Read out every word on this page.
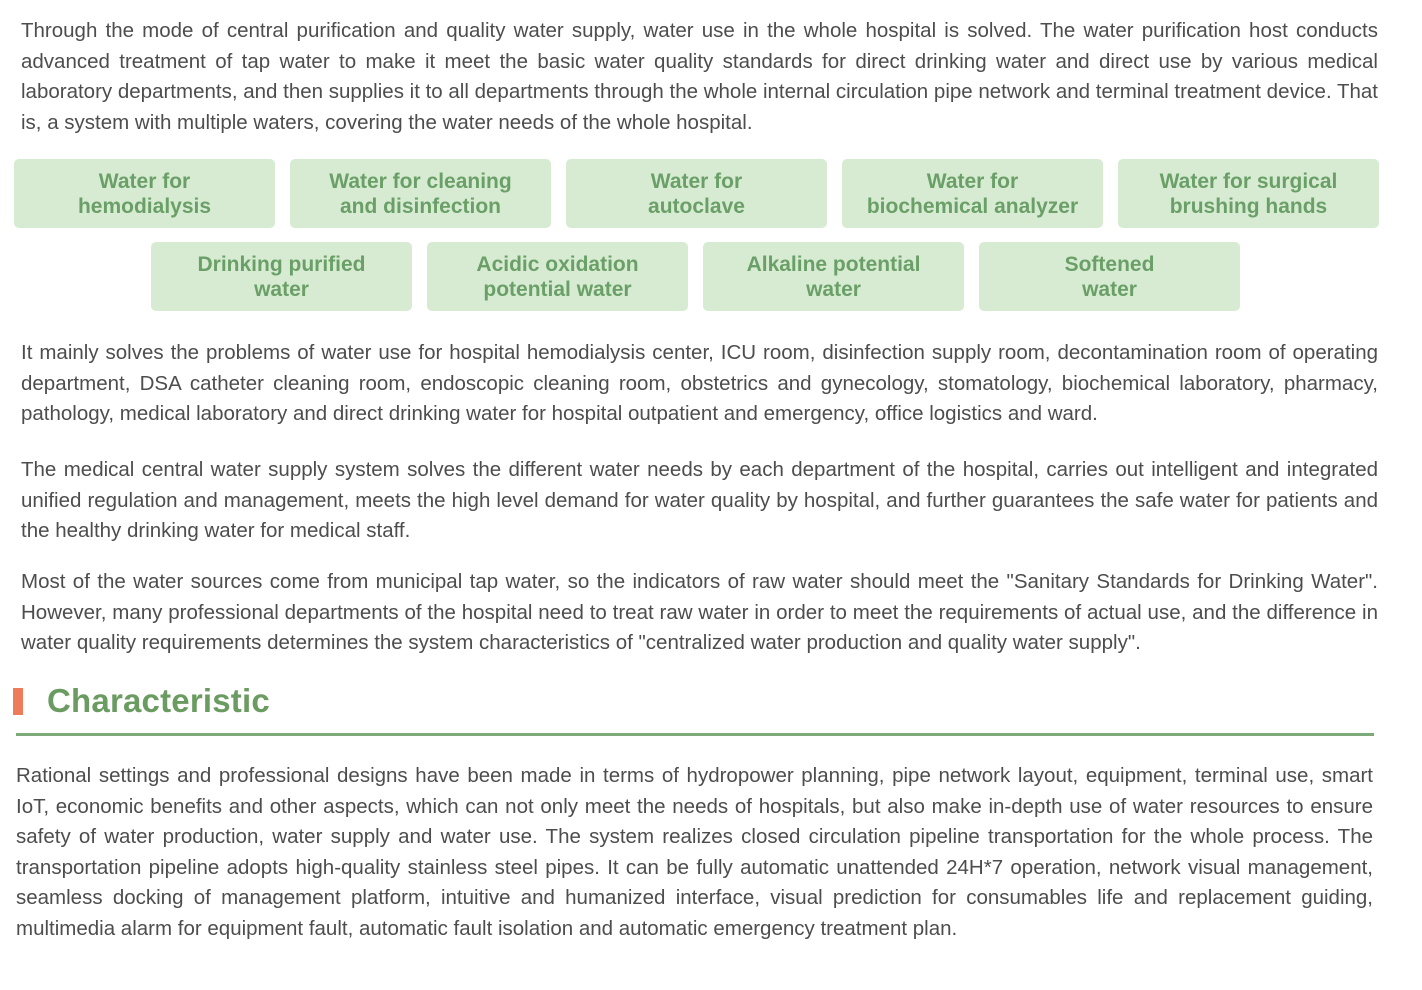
Through the mode of central purification and quality water supply, water use in the whole hospital is solved. The water purification host conducts advanced treatment of tap water to make it meet the basic water quality standards for direct drinking water and direct use by various medical laboratory departments, and then supplies it to all departments through the whole internal circulation pipe network and terminal treatment device. That is, a system with multiple waters, covering the water needs of the whole hospital.

Water for
hemodialysis
Water for cleaning
and disinfection
Water for
autoclave
Water for
biochemical analyzer
Water for surgical
brushing hands
Drinking purified
water
Acidic oxidation
potential water
Alkaline potential
water
Softened
water

It mainly solves the problems of water use for hospital hemodialysis center, ICU room, disinfection supply room, decontamination room of operating department, DSA catheter cleaning room, endoscopic cleaning room, obstetrics and gynecology, stomatology, biochemical laboratory, pharmacy, pathology, medical laboratory and direct drinking water for hospital outpatient and emergency, office logistics and ward.

The medical central water supply system solves the different water needs by each department of the hospital, carries out intelligent and integrated unified regulation and management, meets the high level demand for water quality by hospital, and further guarantees the safe water for patients and the healthy drinking water for medical staff.

Most of the water sources come from municipal tap water, so the indicators of raw water should meet the "Sanitary Standards for Drinking Water". However, many professional departments of the hospital need to treat raw water in order to meet the requirements of actual use, and the difference in water quality requirements determines the system characteristics of "centralized water production and quality water supply".

Characteristic

Rational settings and professional designs have been made in terms of hydropower planning, pipe network layout, equipment, terminal use, smart IoT, economic benefits and other aspects, which can not only meet the needs of hospitals, but also make in-depth use of water resources to ensure safety of water production, water supply and water use. The system realizes closed circulation pipeline transportation for the whole process. The transportation pipeline adopts high-quality stainless steel pipes. It can be fully automatic unattended 24H*7 operation, network visual management, seamless docking of management platform, intuitive and humanized interface, visual prediction for consumables life and replacement guiding, multimedia alarm for equipment fault, automatic fault isolation and automatic emergency treatment plan.
